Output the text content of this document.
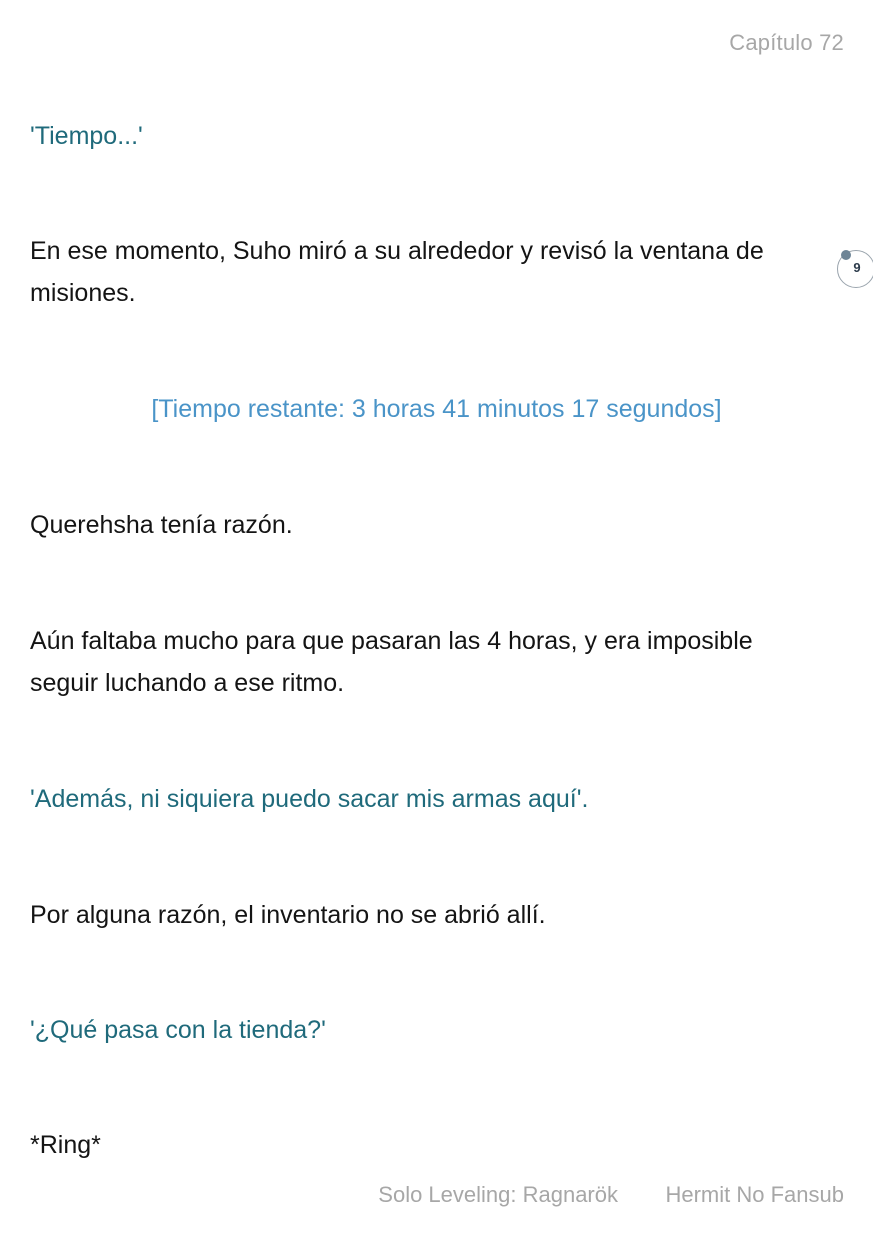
Capítulo 72
'Tiempo...'
En ese momento, Suho miró a su alrededor y revisó la ventana de
misiones.
9
[Tiempo restante: 3 horas 41 minutos 17 segundos]
Querehsha tenía razón.
Aún faltaba mucho para que pasaran las 4 horas, y era imposible
seguir luchando a ese ritmo.
'Además, ni siquiera puedo sacar mis armas aquí'.
Por alguna razón, el inventario no se abrió allí.
'¿Qué pasa con la tienda?'
*Ring*
Solo Leveling: Ragnarök Hermit No Fansub
